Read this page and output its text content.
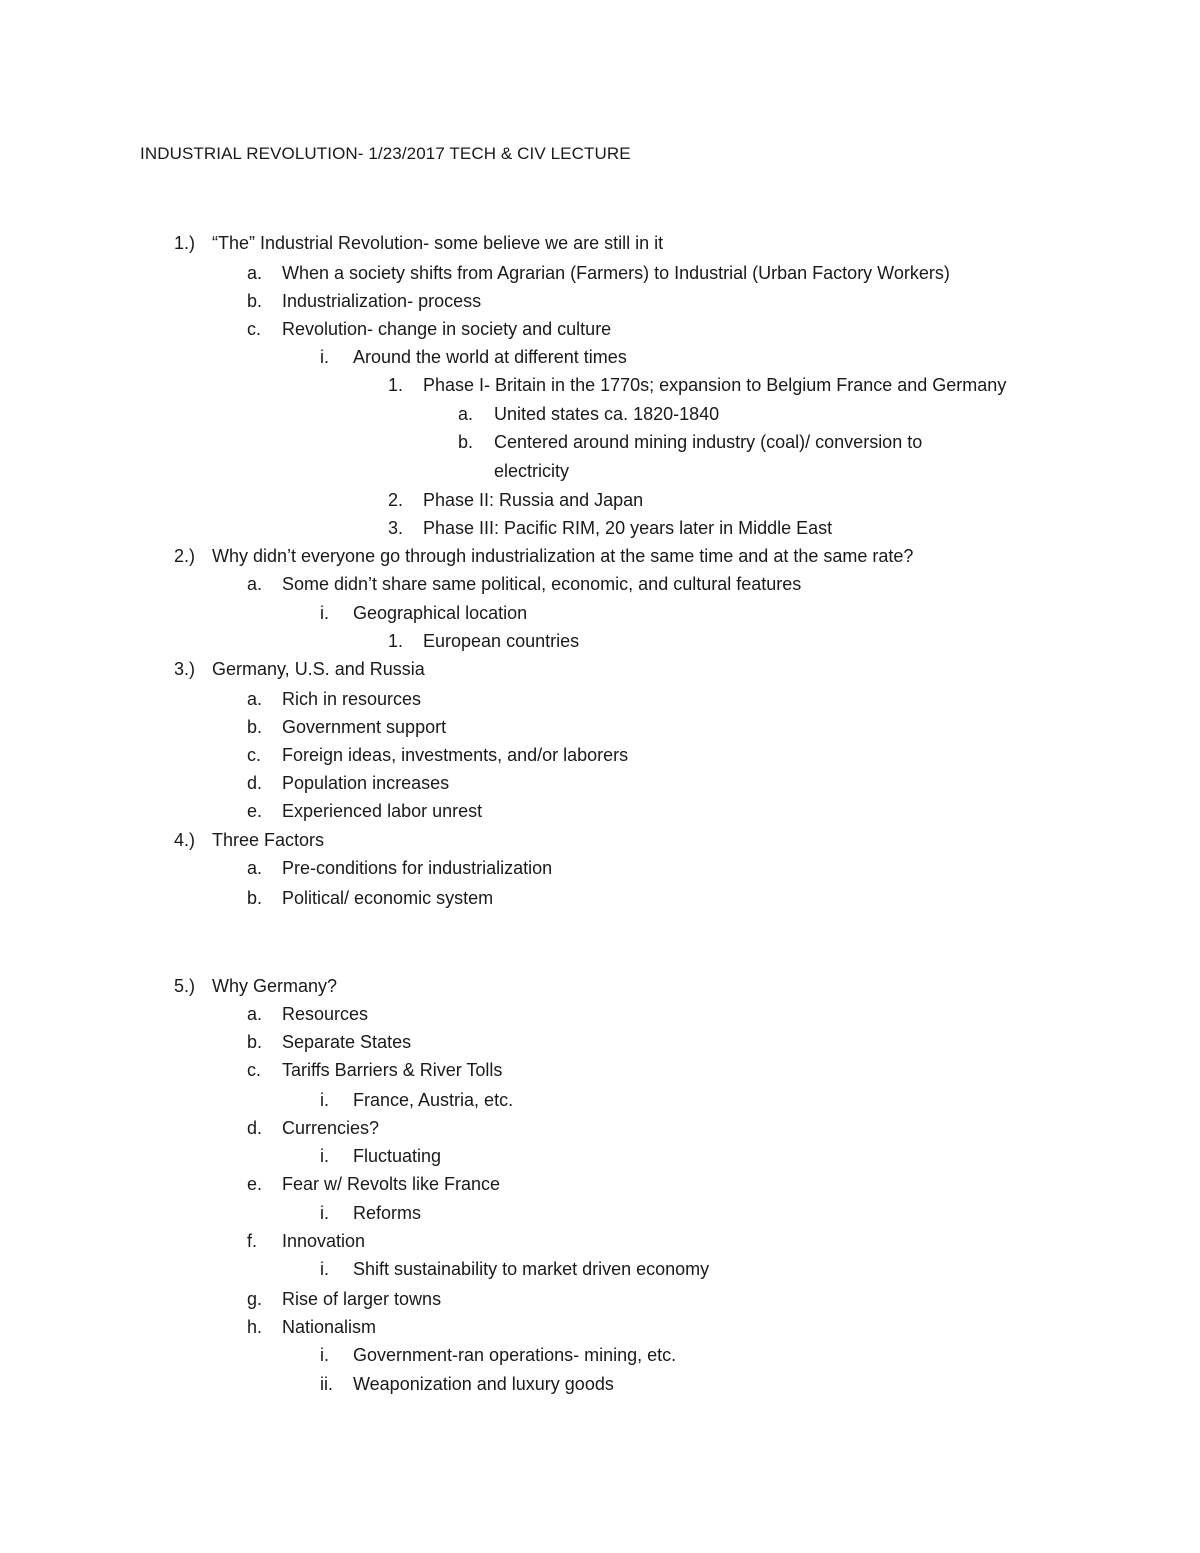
INDUSTRIAL REVOLUTION- 1/23/2017 TECH & CIV LECTURE
1.) “The” Industrial Revolution- some believe we are still in it
a. When a society shifts from Agrarian (Farmers) to Industrial (Urban Factory Workers)
b. Industrialization- process
c. Revolution- change in society and culture
i. Around the world at different times
1. Phase I- Britain in the 1770s; expansion to Belgium France and Germany
a. United states ca. 1820-1840
b. Centered around mining industry (coal)/ conversion to
electricity
2. Phase II: Russia and Japan
3. Phase III: Pacific RIM, 20 years later in Middle East
2.) Why didn’t everyone go through industrialization at the same time and at the same rate?
a. Some didn’t share same political, economic, and cultural features
i. Geographical location
1. European countries
3.) Germany, U.S. and Russia
a. Rich in resources
b. Government support
c. Foreign ideas, investments, and/or laborers
d. Population increases
e. Experienced labor unrest
4.) Three Factors
a. Pre-conditions for industrialization
b. Political/ economic system
5.) Why Germany?
a. Resources
b. Separate States
c. Tariffs Barriers & River Tolls
i. France, Austria, etc.
d. Currencies?
i. Fluctuating
e. Fear w/ Revolts like France
i. Reforms
f. Innovation
i. Shift sustainability to market driven economy
g. Rise of larger towns
h. Nationalism
i. Government-ran operations- mining, etc.
ii. Weaponization and luxury goods
